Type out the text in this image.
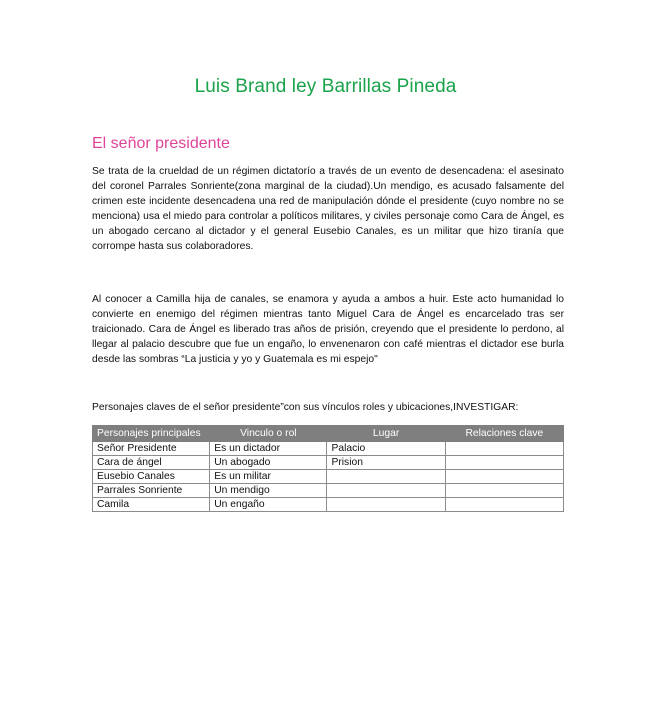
Luis Brand ley Barrillas Pineda
El señor presidente

Se trata de la crueldad de un régimen dictatorío a través de un evento de desencadena: el asesinato del coronel Parrales Sonriente(zona marginal de la ciudad).Un mendigo, es acusado falsamente del crimen este incidente desencadena una red de manipulación dónde el presidente (cuyo nombre no se menciona) usa el miedo para controlar a políticos militares, y civiles personaje como Cara de Ángel, es un abogado cercano al dictador y el general Eusebio Canales, es un militar que hizo tiranía que corrompe hasta sus colaboradores.

Al conocer a Camilla hija de canales, se enamora y ayuda a ambos a huir. Este acto humanidad lo convierte en enemigo del régimen mientras tanto Miguel Cara de Ángel es encarcelado tras ser traicionado. Cara de Ángel es liberado tras años de prisión, creyendo que el presidente lo perdono, al llegar al palacio descubre que fue un engaño, lo envenenaron con café mientras el dictador ese burla desde las sombras “La justicia y yo y Guatemala es mi espejo"

Personajes claves de el señor presidente”con sus vínculos roles y ubicaciones,INVESTIGAR:

Personajes principales	Vinculo o rol	Lugar	Relaciones clave
Señor Presidente	Es un dictador	Palacio	
Cara de ángel	Un abogado	Prision	
Eusebio Canales	Es un militar		
Parrales Sonriente	Un mendigo		
Camila	Un engaño		
